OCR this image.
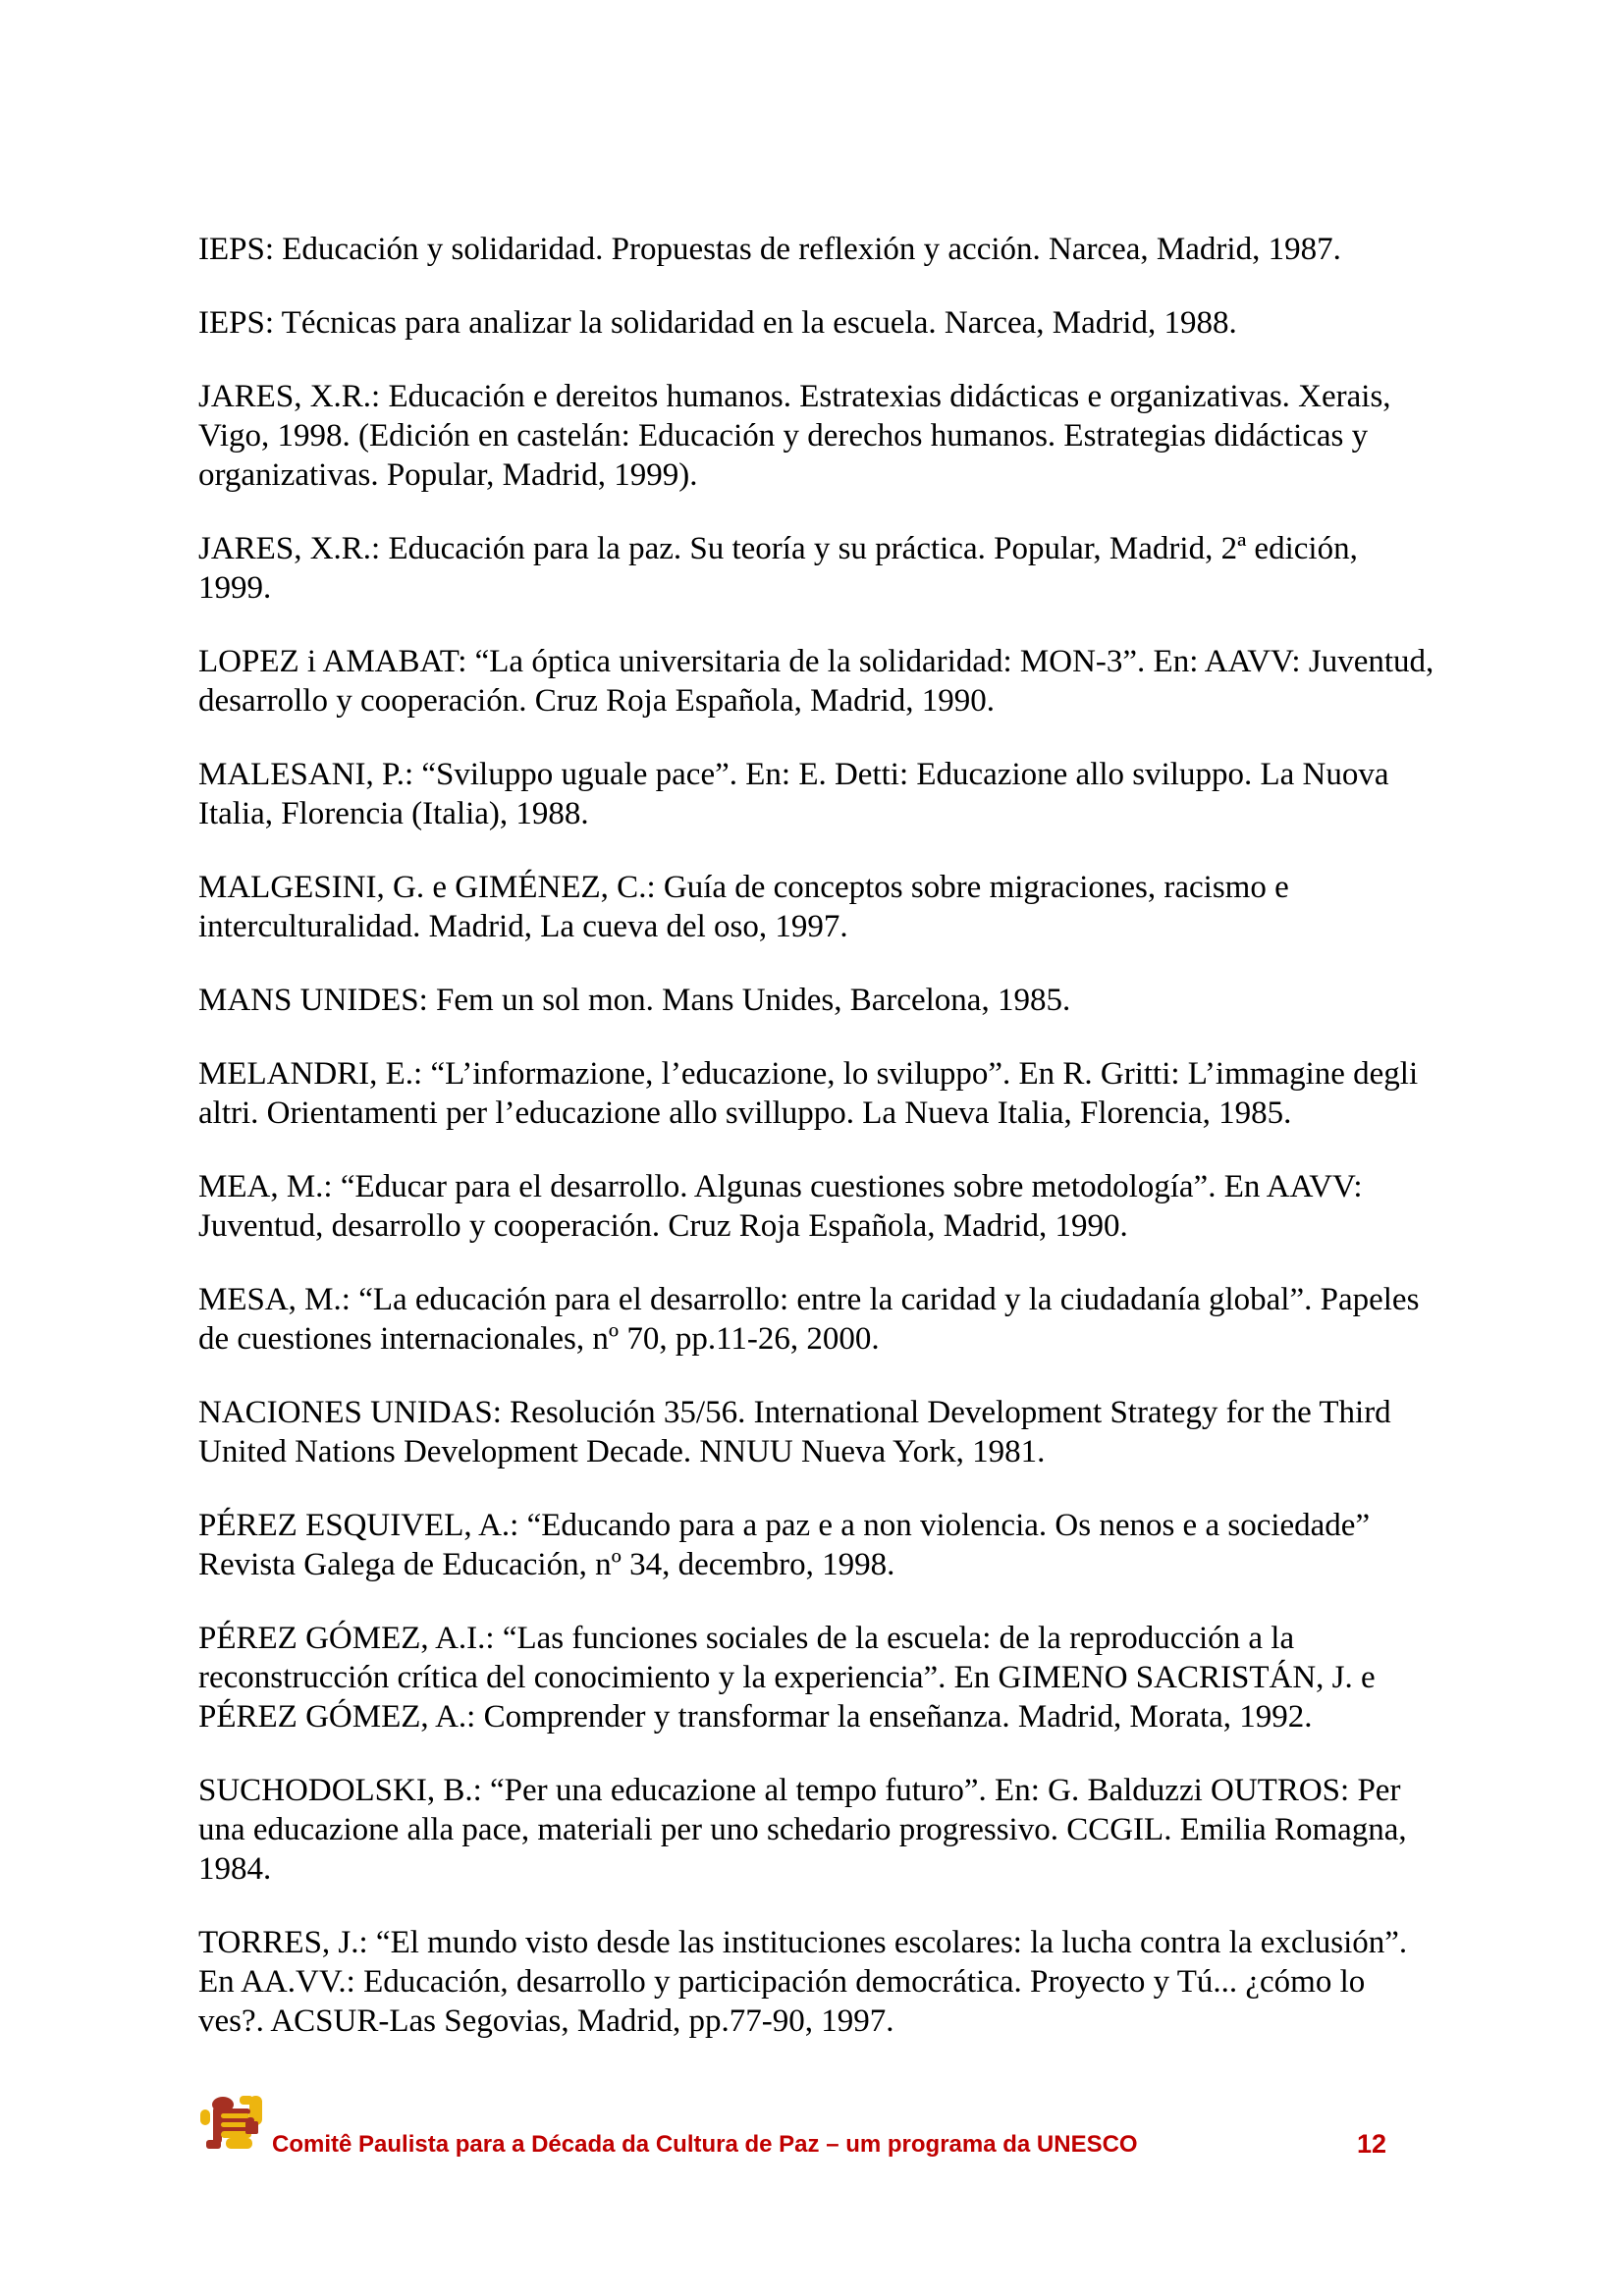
IEPS: Educación y solidaridad. Propuestas de reflexión y acción. Narcea, Madrid, 1987.

IEPS: Técnicas para analizar la solidaridad en la escuela. Narcea, Madrid, 1988.

JARES, X.R.: Educación e dereitos humanos. Estratexias didácticas e organizativas. Xerais, Vigo, 1998. (Edición en castelán: Educación y derechos humanos. Estrategias didácticas y organizativas. Popular, Madrid, 1999).

JARES, X.R.: Educación para la paz. Su teoría y su práctica. Popular, Madrid, 2ª edición, 1999.

LOPEZ i AMABAT: “La óptica universitaria de la solidaridad: MON-3”. En: AAVV: Juventud, desarrollo y cooperación. Cruz Roja Española, Madrid, 1990.

MALESANI, P.: “Sviluppo uguale pace”. En: E. Detti: Educazione allo sviluppo. La Nuova Italia, Florencia (Italia), 1988.

MALGESINI, G. e GIMÉNEZ, C.: Guía de conceptos sobre migraciones, racismo e interculturalidad. Madrid, La cueva del oso, 1997.

MANS UNIDES: Fem un sol mon. Mans Unides, Barcelona, 1985.

MELANDRI, E.: “L’informazione, l’educazione, lo sviluppo”. En R. Gritti: L’immagine degli altri. Orientamenti per l’educazione allo svilluppo. La Nueva Italia, Florencia, 1985.

MEA, M.: “Educar para el desarrollo. Algunas cuestiones sobre metodología”. En AAVV: Juventud, desarrollo y cooperación. Cruz Roja Española, Madrid, 1990.

MESA, M.: “La educación para el desarrollo: entre la caridad y la ciudadanía global”. Papeles de cuestiones internacionales, nº 70, pp.11-26, 2000.

NACIONES UNIDAS: Resolución 35/56. International Development Strategy for the Third United Nations Development Decade. NNUU Nueva York, 1981.

PÉREZ ESQUIVEL, A.: “Educando para a paz e a non violencia. Os nenos e a sociedade” Revista Galega de Educación, nº 34, decembro, 1998.

PÉREZ GÓMEZ, A.I.: “Las funciones sociales de la escuela: de la reproducción a la reconstrucción crítica del conocimiento y la experiencia”. En GIMENO SACRISTÁN, J. e PÉREZ GÓMEZ, A.: Comprender y transformar la enseñanza. Madrid, Morata, 1992.

SUCHODOLSKI, B.: “Per una educazione al tempo futuro”. En: G. Balduzzi OUTROS: Per una educazione alla pace, materiali per uno schedario progressivo. CCGIL. Emilia Romagna, 1984.

TORRES, J.: “El mundo visto desde las instituciones escolares: la lucha contra la exclusión”. En AA.VV.: Educación, desarrollo y participación democrática. Proyecto y Tú... ¿cómo lo ves?. ACSUR-Las Segovias, Madrid, pp.77-90, 1997.

Comitê Paulista para a Década da Cultura de Paz – um programa da UNESCO	12
